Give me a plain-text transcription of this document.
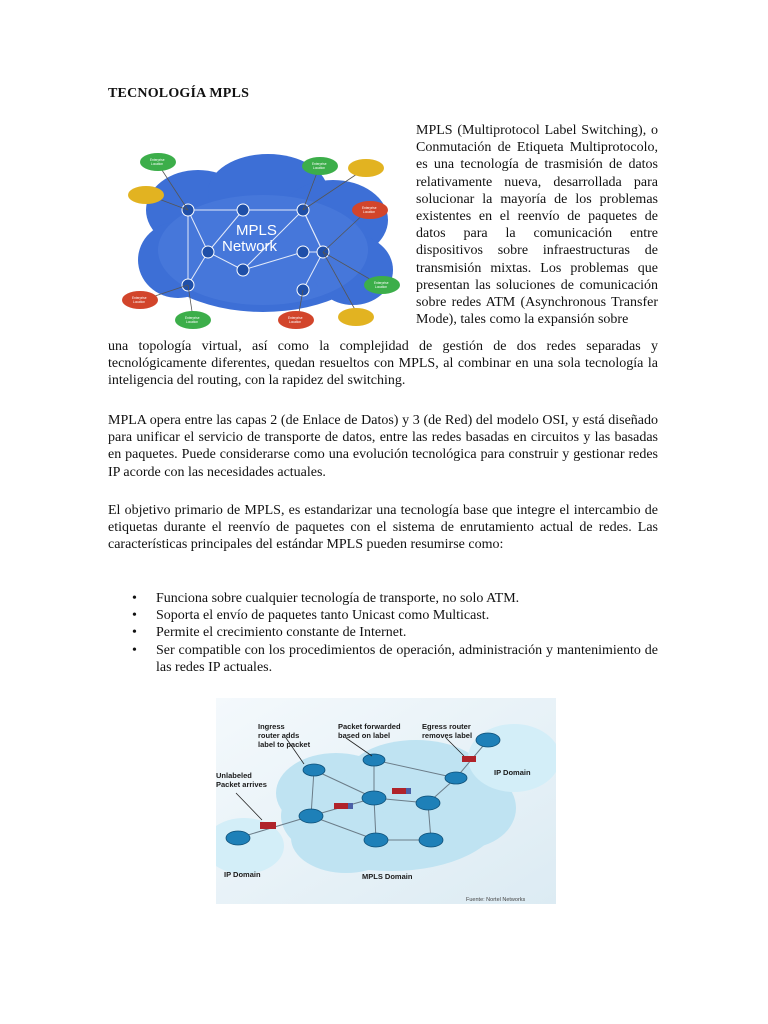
TECNOLOGÍA MPLS
MPLS
Network
Enterprise
Location	Enterprise
Location
Enterprise
Location
Enterprise
Location
Enterprise
Location
Enterprise
Location
Enterprise
Location
MPLS (Multiprotocol Label Switching), o Conmutación de Etiqueta Multiprotocolo, es una tecnología de trasmisión de datos relativamente nueva, desarrollada para solucionar la mayoría de los problemas existentes en el reenvío de paquetes de datos para la comunicación entre dispositivos sobre infraestructuras de transmisión mixtas. Los problemas que presentan las soluciones de comunicación sobre redes ATM (Asynchronous Transfer Mode), tales como la expansión sobre
una topología virtual, así como la complejidad de gestión de dos redes separadas y tecnológicamente diferentes, quedan resueltos con MPLS, al combinar en una sola tecnología la inteligencia del routing, con la rapidez del switching.

MPLA opera entre las capas 2 (de Enlace de Datos) y 3 (de Red) del modelo OSI, y está diseñado para unificar el servicio de transporte de datos, entre las redes basadas en circuitos y las basadas en paquetes. Puede considerarse como una evolución tecnológica para construir y gestionar redes IP acorde con las necesidades actuales.

El objetivo primario de MPLS, es estandarizar una tecnología base que integre el intercambio de etiquetas durante el reenvío de paquetes con el sistema de enrutamiento actual de redes. Las características principales del estándar MPLS pueden resumirse como:

• Funciona sobre cualquier tecnología de transporte, no solo ATM.
• Soporta el envío de paquetes tanto Unicast como Multicast.
• Permite el crecimiento constante de Internet.
• Ser compatible con los procedimientos de operación, administración y mantenimiento de las redes IP actuales.
Ingress
router adds
label to packet
Packet forwarded
based on label
Egress router
removes label
Unlabeled
Packet arrives
IP Domain
IP Domain	MPLS Domain
Fuente: Nortel Networks
